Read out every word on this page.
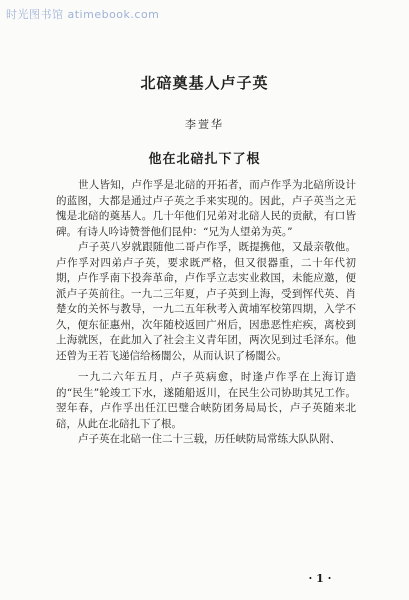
时光图书馆 atimebook.com
北碚奠基人卢子英
李萱华
他在北碚扎下了根

世人皆知，卢作孚是北碚的开拓者，而卢作孚为北碚所设计的蓝图，大都是通过卢子英之手来实现的。因此，卢子英当之无愧是北碚的奠基人。几十年他们兄弟对北碚人民的贡献，有口皆碑。有诗人吟诗赞誉他们昆仲：“兄为人望弟为英。”

卢子英八岁就跟随他二哥卢作孚，既提携他，又最亲敬他。卢作孚对四弟卢子英，要求既严格，但又很器重，二十年代初期，卢作孚南下投奔革命，卢作孚立志实业救国，未能应邀，便派卢子英前往。一九二三年夏，卢子英到上海，受到恽代英、肖楚女的关怀与教导，一九二五年秋考入黄埔军校第四期，入学不久，便东征惠州，次年随校返回广州后，因患恶性疟疾，离校到上海就医，在此加入了社会主义青年团，两次见到过毛泽东。他还曾为王若飞递信给杨闇公，从而认识了杨闇公。

一九二六年五月，卢子英病愈，时逢卢作孚在上海订造的“民生”轮竣工下水，遂随船返川，在民生公司协助其兄工作。翌年春，卢作孚出任江巴璧合峡防团务局局长，卢子英随来北碚，从此在北碚扎下了根。

卢子英在北碚一住二十三载，历任峡防局常练大队队附、

· 1 ·
